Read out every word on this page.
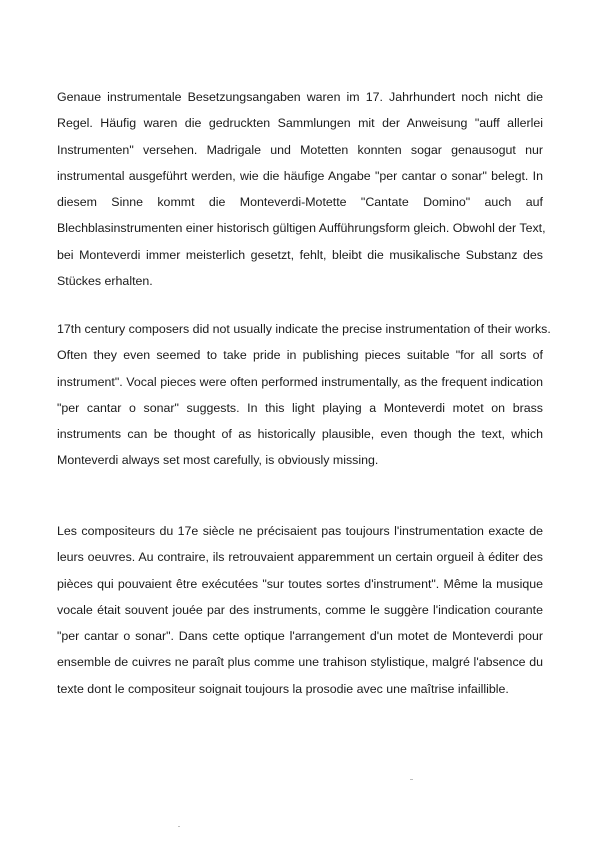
Genaue instrumentale Besetzungsangaben waren im 17. Jahrhundert noch nicht die
Regel. Häufig waren die gedruckten Sammlungen mit der Anweisung "auff allerlei
Instrumenten" versehen. Madrigale und Motetten konnten sogar genausogut nur
instrumental ausgeführt werden, wie die häufige Angabe "per cantar o sonar" belegt. In
diesem Sinne kommt die Monteverdi-Motette "Cantate Domino" auch auf
Blechblasinstrumenten einer historisch gültigen Aufführungsform gleich. Obwohl der Text,
bei Monteverdi immer meisterlich gesetzt, fehlt, bleibt die musikalische Substanz des
Stückes erhalten.

17th century composers did not usually indicate the precise instrumentation of their works.
Often they even seemed to take pride in publishing pieces suitable "for all sorts of
instrument". Vocal pieces were often performed instrumentally, as the frequent indication
"per cantar o sonar" suggests. In this light playing a Monteverdi motet on brass
instruments can be thought of as historically plausible, even though the text, which
Monteverdi always set most carefully, is obviously missing.

Les compositeurs du 17e siècle ne précisaient pas toujours l'instrumentation exacte de
leurs oeuvres. Au contraire, ils retrouvaient apparemment un certain orgueil à éditer des
pièces qui pouvaient être exécutées "sur toutes sortes d'instrument". Même la musique
vocale était souvent jouée par des instruments, comme le suggère l'indication courante
"per cantar o sonar". Dans cette optique l'arrangement d'un motet de Monteverdi pour
ensemble de cuivres ne paraît plus comme une trahison stylistique, malgré l'absence du
texte dont le compositeur soignait toujours la prosodie avec une maîtrise infaillible.
